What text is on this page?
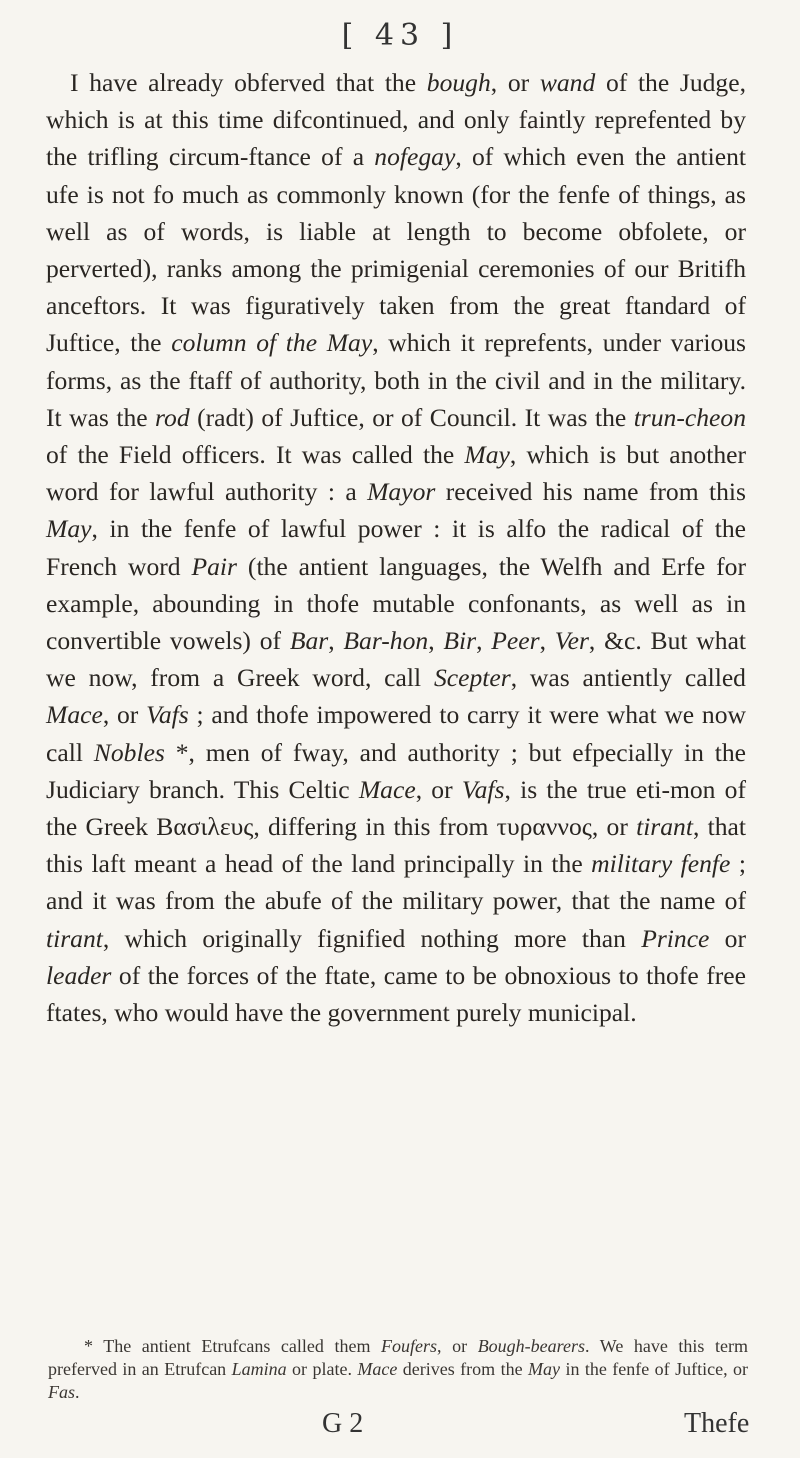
[ 43 ]
I have already obferved that the bough, or wand of the Judge, which is at this time difcontinued, and only faintly reprefented by the trifling circum-ftance of a nofegay, of which even the antient ufe is not fo much as commonly known (for the fenfe of things, as well as of words, is liable at length to become obfolete, or perverted), ranks among the primigenial ceremonies of our Britifh anceftors. It was figuratively taken from the great ftandard of Juftice, the column of the May, which it reprefents, under various forms, as the ftaff of authority, both in the civil and in the military. It was the rod (radt) of Juftice, or of Council. It was the trun-cheon of the Field officers. It was called the May, which is but another word for lawful authority : a Mayor received his name from this May, in the fenfe of lawful power : it is alfo the radical of the French word Pair (the antient languages, the Welfh and Erfe for example, abounding in thofe mutable confonants, as well as in convertible vowels) of Bar, Bar-hon, Bir, Peer, Ver, &c. But what we now, from a Greek word, call Scepter, was antiently called Mace, or Vafs ; and thofe impowered to carry it were what we now call Nobles *, men of fway, and authority ; but efpecially in the Judiciary branch. This Celtic Mace, or Vafs, is the true eti-mon of the Greek Βασιλευς, differing in this from τυραννος, or tirant, that this laft meant a head of the land principally in the military fenfe ; and it was from the abufe of the military power, that the name of tirant, which originally fignified nothing more than Prince or leader of the forces of the ftate, came to be obnoxious to thofe free ftates, who would have the government purely municipal.
* The antient Etrufcans called them Foufers, or Bough-bearers. We have this term preferved in an Etrufcan Lamina or plate. Mace derives from the May in the fenfe of Juftice, or Fas.
G 2	Thefe
